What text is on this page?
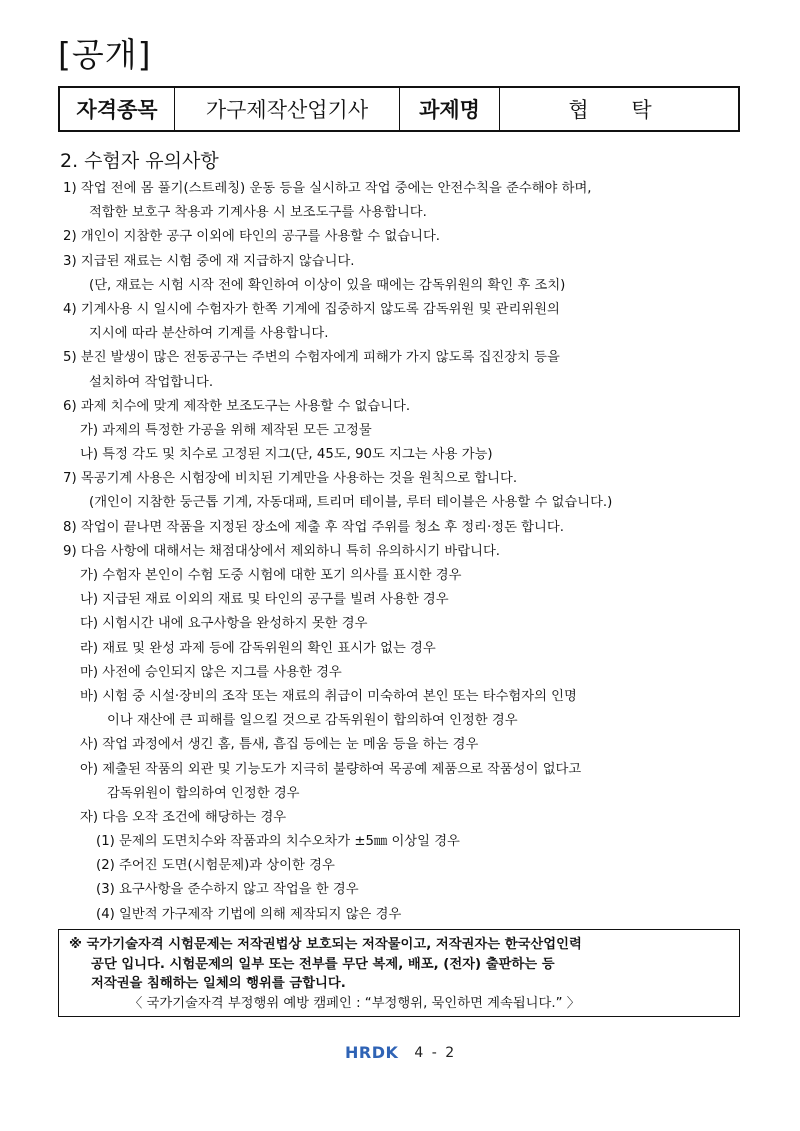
[공개]
자격종목	가구제작산업기사	과제명	협 탁
2. 수험자 유의사항
1) 작업 전에 몸 풀기(스트레칭) 운동 등을 실시하고 작업 중에는 안전수칙을 준수해야 하며,
적합한 보호구 착용과 기계사용 시 보조도구를 사용합니다.
2) 개인이 지참한 공구 이외에 타인의 공구를 사용할 수 없습니다.
3) 지급된 재료는 시험 중에 재 지급하지 않습니다.
(단, 재료는 시험 시작 전에 확인하여 이상이 있을 때에는 감독위원의 확인 후 조치)
4) 기계사용 시 일시에 수험자가 한쪽 기계에 집중하지 않도록 감독위원 및 관리위원의
지시에 따라 분산하여 기계를 사용합니다.
5) 분진 발생이 많은 전동공구는 주변의 수험자에게 피해가 가지 않도록 집진장치 등을
설치하여 작업합니다.
6) 과제 치수에 맞게 제작한 보조도구는 사용할 수 없습니다.
가) 과제의 특정한 가공을 위해 제작된 모든 고정물
나) 특정 각도 및 치수로 고정된 지그(단, 45도, 90도 지그는 사용 가능)
7) 목공기계 사용은 시험장에 비치된 기계만을 사용하는 것을 원칙으로 합니다.
(개인이 지참한 둥근톱 기계, 자동대패, 트리머 테이블, 루터 테이블은 사용할 수 없습니다.)
8) 작업이 끝나면 작품을 지정된 장소에 제출 후 작업 주위를 청소 후 정리·정돈 합니다.
9) 다음 사항에 대해서는 채점대상에서 제외하니 특히 유의하시기 바랍니다.
가) 수험자 본인이 수험 도중 시험에 대한 포기 의사를 표시한 경우
나) 지급된 재료 이외의 재료 및 타인의 공구를 빌려 사용한 경우
다) 시험시간 내에 요구사항을 완성하지 못한 경우
라) 재료 및 완성 과제 등에 감독위원의 확인 표시가 없는 경우
마) 사전에 승인되지 않은 지그를 사용한 경우
바) 시험 중 시설·장비의 조작 또는 재료의 취급이 미숙하여 본인 또는 타수험자의 인명
이나 재산에 큰 피해를 일으킬 것으로 감독위원이 합의하여 인정한 경우
사) 작업 과정에서 생긴 홈, 틈새, 흠집 등에는 눈 메움 등을 하는 경우
아) 제출된 작품의 외관 및 기능도가 지극히 불량하여 목공예 제품으로 작품성이 없다고
감독위원이 합의하여 인정한 경우
자) 다음 오작 조건에 해당하는 경우
(1) 문제의 도면치수와 작품과의 치수오차가 ±5㎜ 이상일 경우
(2) 주어진 도면(시험문제)과 상이한 경우
(3) 요구사항을 준수하지 않고 작업을 한 경우
(4) 일반적 가구제작 기법에 의해 제작되지 않은 경우
※ 국가기술자격 시험문제는 저작권법상 보호되는 저작물이고, 저작권자는 한국산업인력
공단 입니다. 시험문제의 일부 또는 전부를 무단 복제, 배포, (전자) 출판하는 등
저작권을 침해하는 일체의 행위를 금합니다.
〈 국가기술자격 부정행위 예방 캠페인 : “부정행위, 묵인하면 계속됩니다.” 〉
HRDK 4 - 2
